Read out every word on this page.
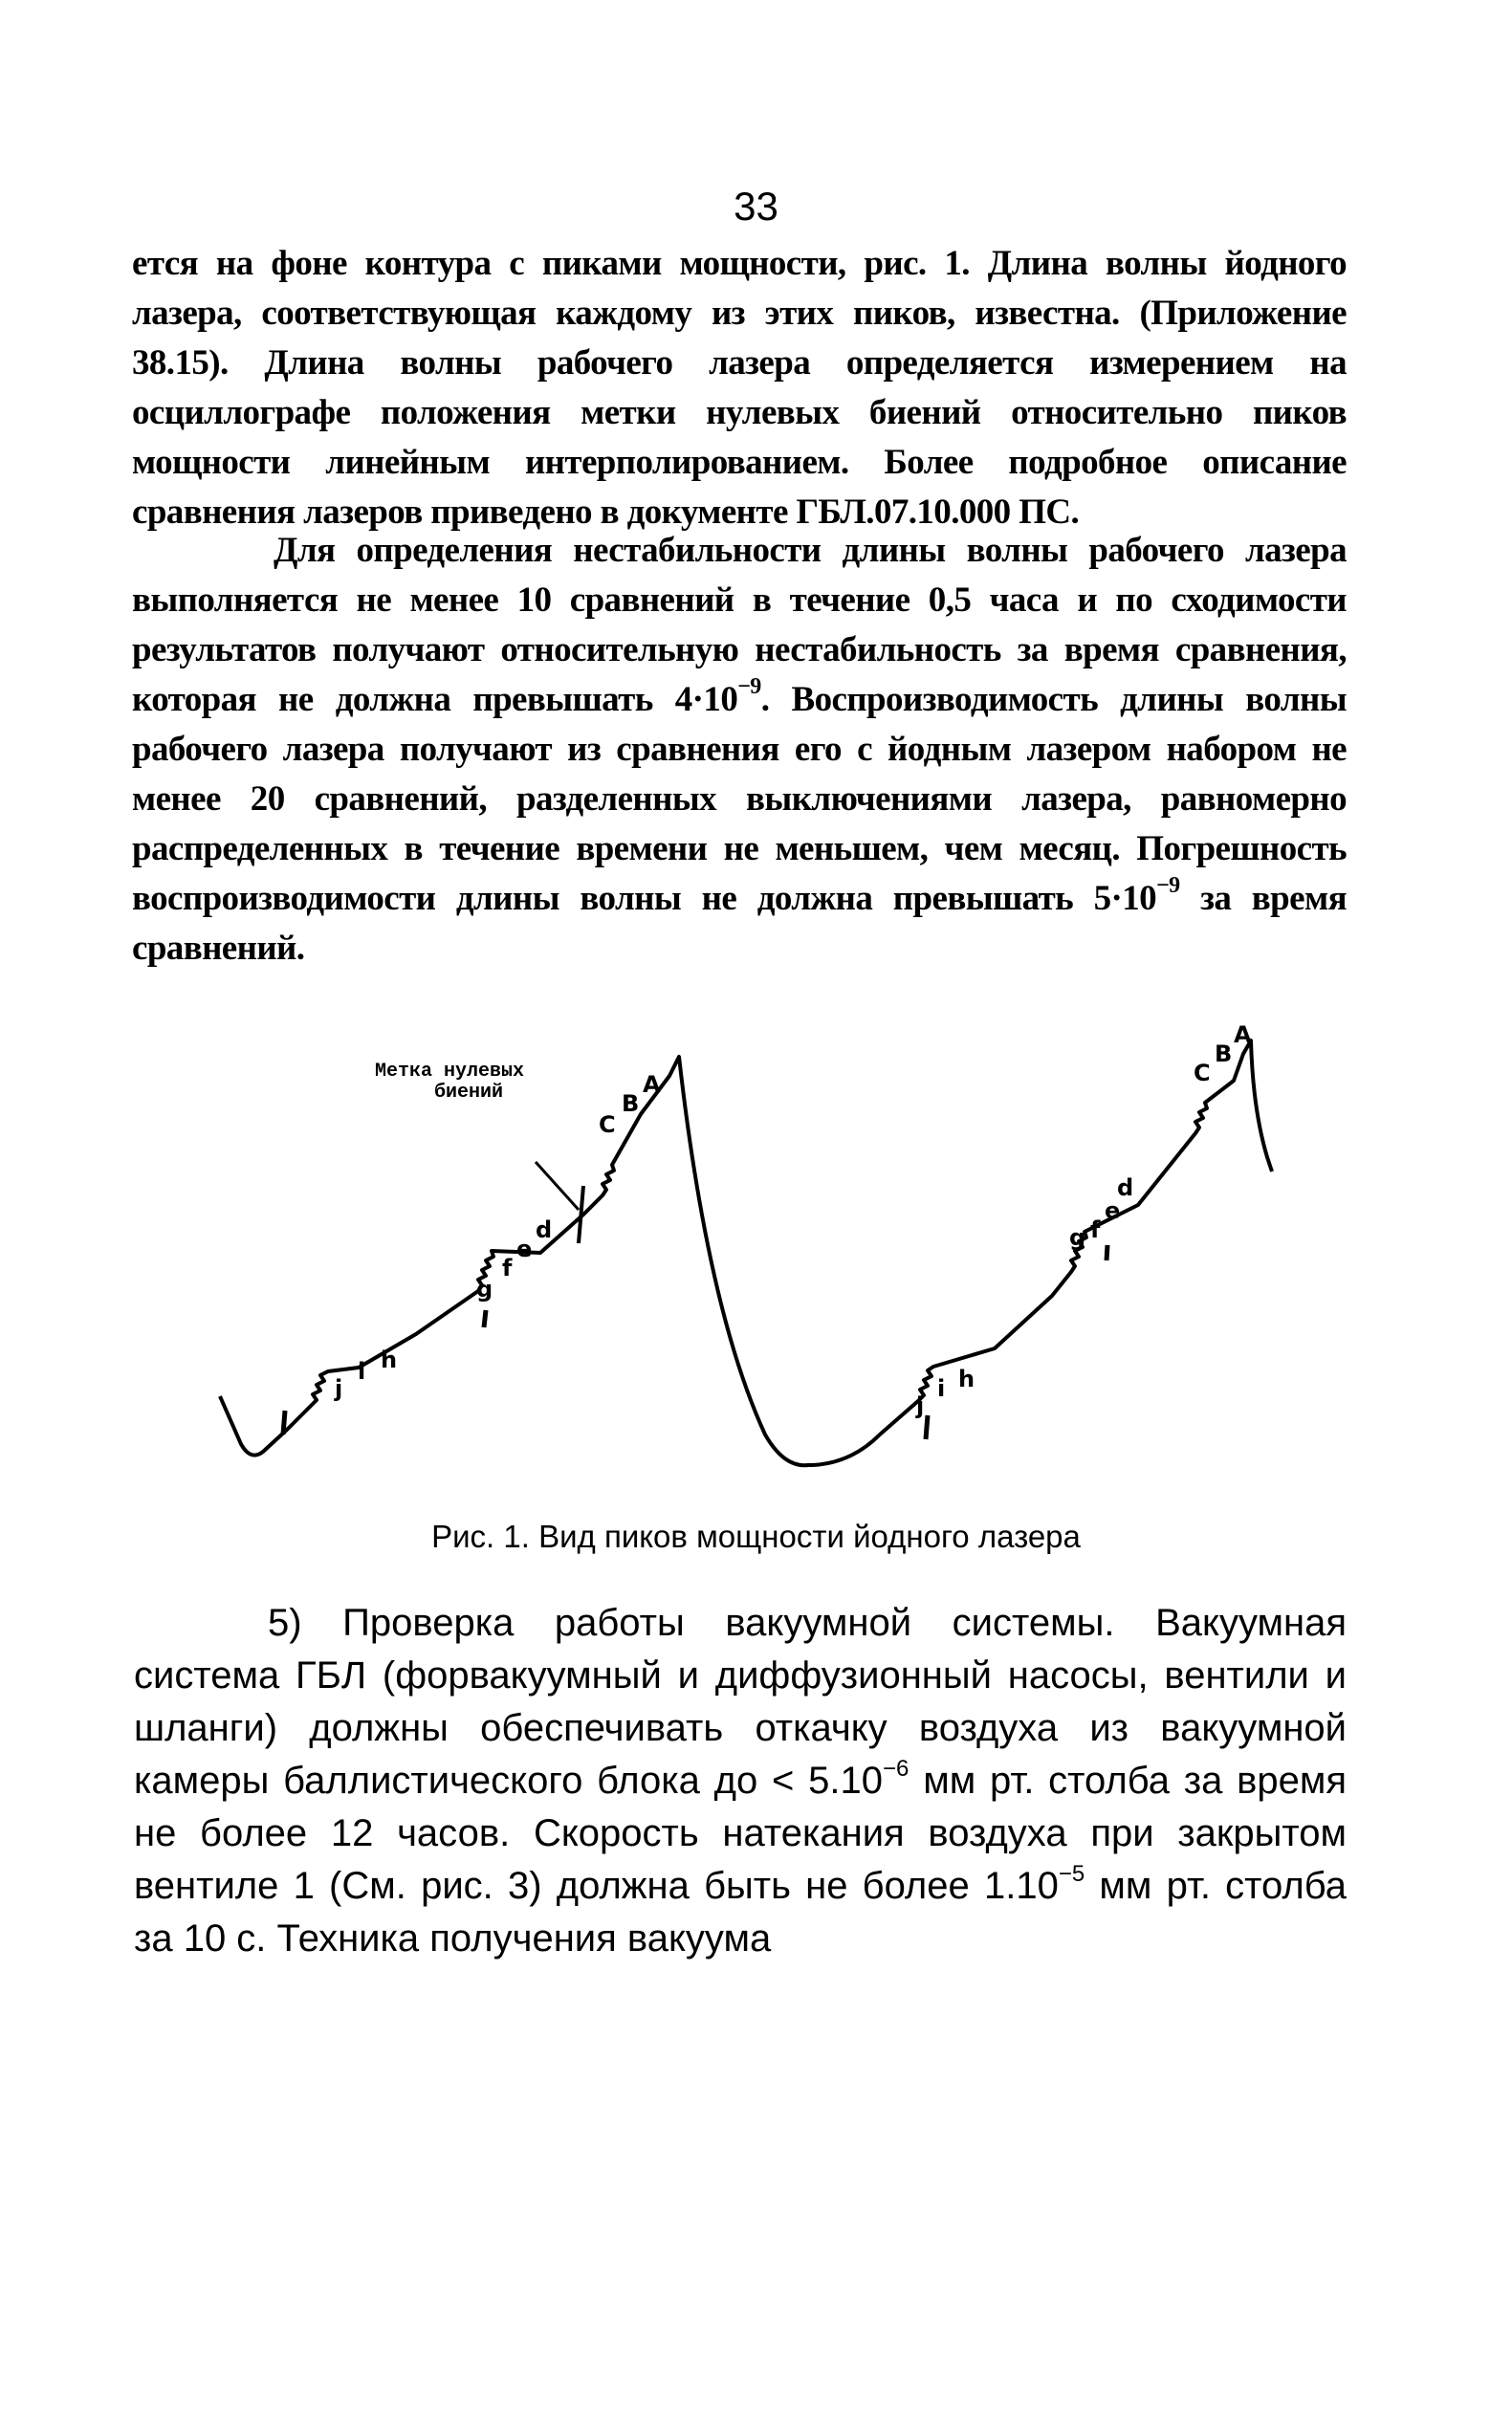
33

ется на фоне контура с пиками мощности, рис. 1. Длина волны йодного лазера, соответствующая каждому из этих пиков, известна. (Приложение 38.15). Длина волны рабочего лазера определяется измерением на осциллографе положения метки нулевых биений относительно пиков мощности линейным интерполированием. Более подробное описание сравнения лазеров приведено в документе ГБЛ.07.10.000 ПС.

Для определения нестабильности длины волны рабочего лазера выполняется не менее 10 сравнений в течение 0,5 часа и по сходимости результатов получают относительную нестабильность за время сравнения, которая не должна превышать $4\cdot 10^{-9}$. Воспроизводимость длины волны рабочего лазера получают из сравнения его с йодным лазером набором не менее 20 сравнений, разделенных выключениями лазера, равномерно распределенных в течение времени не меньшем, чем месяц. Погрешность воспроизводимости длины волны не должна превышать $5\cdot 10^{-9}$ за время сравнений.

Метка нулевых
биений	A
B
C
d
e
f
g
h
i
j
A
B
C
d
e
f
g
h
i
j
Рис. 1. Вид пиков мощности йодного лазера

5) Проверка работы вакуумной системы. Вакуумная система ГБЛ (форвакуумный и диффузионный насосы, вентили и шланги) должны обеспечивать откачку воздуха из вакуумной камеры баллистического блока до < $5.10^{-6}$ мм рт. столба за время не более 12 часов. Скорость натекания воздуха при закрытом вентиле 1 (См. рис. 3) должна быть не более $1.10^{-5}$ мм рт. столба за 10 с. Техника получения вакуума
